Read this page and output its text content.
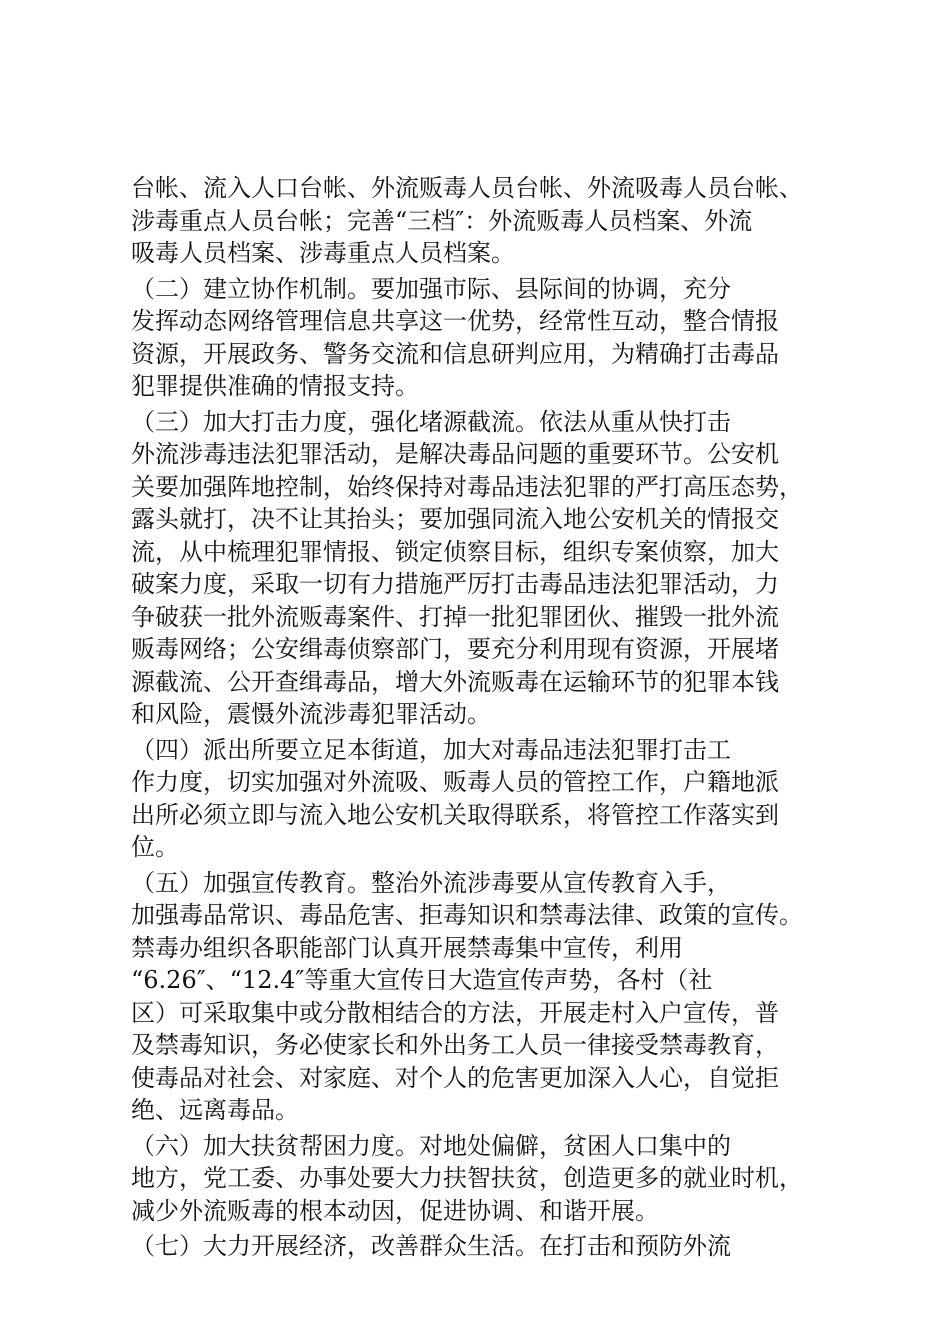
台帐、流入人口台帐、外流贩毒人员台帐、外流吸毒人员台帐、
涉毒重点人员台帐；完善“三档″：外流贩毒人员档案、外流
吸毒人员档案、涉毒重点人员档案。
（二）建立协作机制。要加强市际、县际间的协调，充分
发挥动态网络管理信息共享这一优势，经常性互动，整合情报
资源，开展政务、警务交流和信息研判应用，为精确打击毒品
犯罪提供准确的情报支持。
（三）加大打击力度，强化堵源截流。依法从重从快打击
外流涉毒违法犯罪活动，是解决毒品问题的重要环节。公安机
关要加强阵地控制，始终保持对毒品违法犯罪的严打高压态势，
露头就打，决不让其抬头；要加强同流入地公安机关的情报交
流，从中梳理犯罪情报、锁定侦察目标，组织专案侦察，加大
破案力度，采取一切有力措施严厉打击毒品违法犯罪活动，力
争破获一批外流贩毒案件、打掉一批犯罪团伙、摧毁一批外流
贩毒网络；公安缉毒侦察部门，要充分利用现有资源，开展堵
源截流、公开查缉毒品，增大外流贩毒在运输环节的犯罪本钱
和风险，震慑外流涉毒犯罪活动。
（四）派出所要立足本街道，加大对毒品违法犯罪打击工
作力度，切实加强对外流吸、贩毒人员的管控工作，户籍地派
出所必须立即与流入地公安机关取得联系，将管控工作落实到
位。
（五）加强宣传教育。整治外流涉毒要从宣传教育入手，
加强毒品常识、毒品危害、拒毒知识和禁毒法律、政策的宣传。
禁毒办组织各职能部门认真开展禁毒集中宣传，利用
“6.26″、“12.4″等重大宣传日大造宣传声势，各村（社
区）可采取集中或分散相结合的方法，开展走村入户宣传，普
及禁毒知识，务必使家长和外出务工人员一律接受禁毒教育，
使毒品对社会、对家庭、对个人的危害更加深入人心，自觉拒
绝、远离毒品。
（六）加大扶贫帮困力度。对地处偏僻，贫困人口集中的
地方，党工委、办事处要大力扶智扶贫，创造更多的就业时机，
减少外流贩毒的根本动因，促进协调、和谐开展。
（七）大力开展经济，改善群众生活。在打击和预防外流
